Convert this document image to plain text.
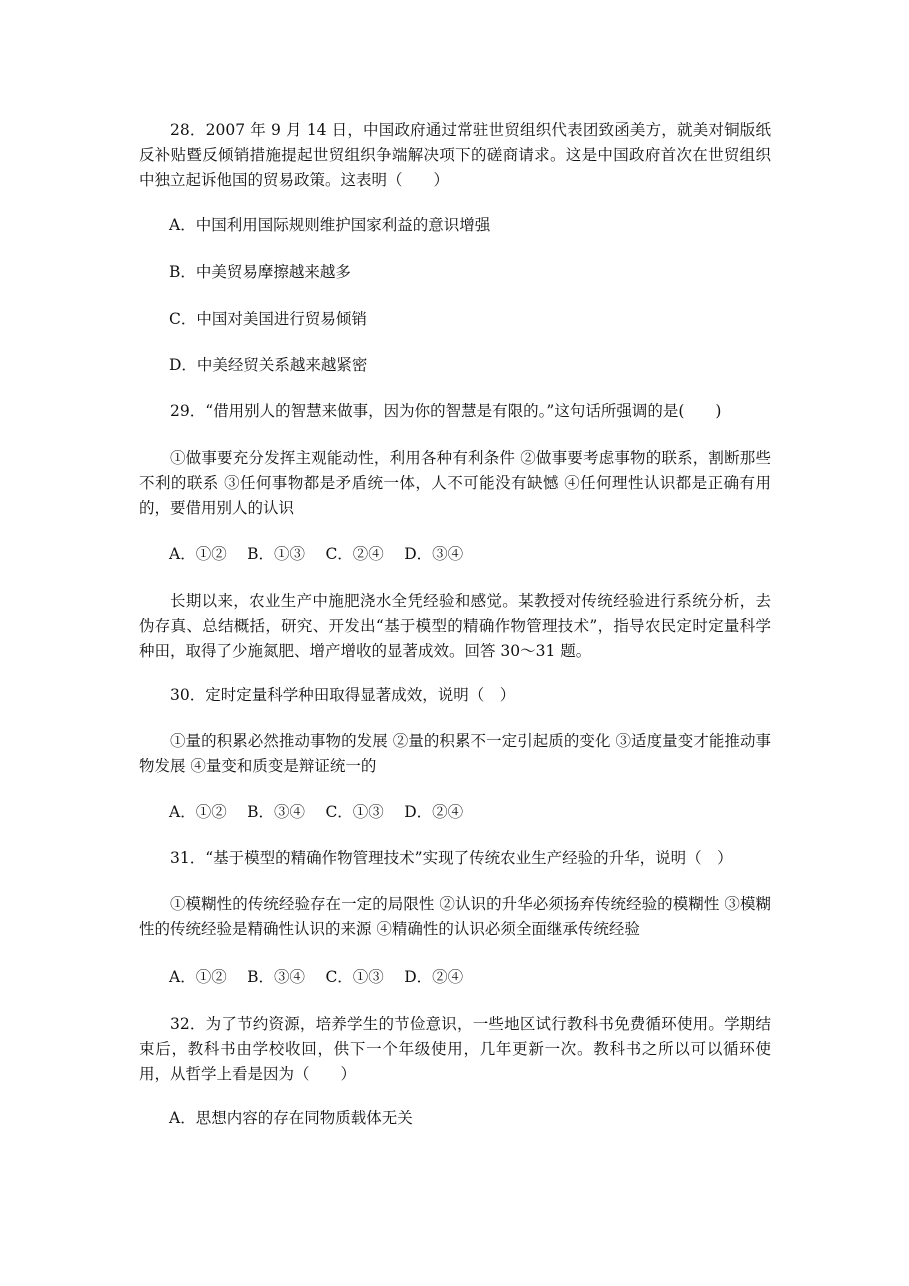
28．2007 年 9 月 14 日，中国政府通过常驻世贸组织代表团致函美方，就美对铜版纸反补贴暨反倾销措施提起世贸组织争端解决项下的磋商请求。这是中国政府首次在世贸组织中独立起诉他国的贸易政策。这表明（　　）

A．中国利用国际规则维护国家利益的意识增强

B．中美贸易摩擦越来越多

C．中国对美国进行贸易倾销

D．中美经贸关系越来越紧密

29．“借用别人的智慧来做事，因为你的智慧是有限的。”这句话所强调的是(　　)

①做事要充分发挥主观能动性，利用各种有利条件 ②做事要考虑事物的联系，割断那些不利的联系 ③任何事物都是矛盾统一体，人不可能没有缺憾 ④任何理性认识都是正确有用的，要借用别人的认识

A．①②　 B．①③　 C．②④　 D．③④

长期以来，农业生产中施肥浇水全凭经验和感觉。某教授对传统经验进行系统分析，去伪存真、总结概括，研究、开发出“基于模型的精确作物管理技术”，指导农民定时定量科学种田，取得了少施氮肥、增产增收的显著成效。回答 30～31 题。

30．定时定量科学种田取得显著成效，说明（　）

①量的积累必然推动事物的发展 ②量的积累不一定引起质的变化 ③适度量变才能推动事物发展 ④量变和质变是辩证统一的

A．①②　 B．③④　 C．①③　 D．②④

31．“基于模型的精确作物管理技术”实现了传统农业生产经验的升华，说明（　）

①模糊性的传统经验存在一定的局限性 ②认识的升华必须扬弃传统经验的模糊性 ③模糊性的传统经验是精确性认识的来源 ④精确性的认识必须全面继承传统经验

A．①②　 B．③④　 C．①③　 D．②④

32．为了节约资源，培养学生的节俭意识，一些地区试行教科书免费循环使用。学期结束后，教科书由学校收回，供下一个年级使用，几年更新一次。教科书之所以可以循环使用，从哲学上看是因为（　　）

A．思想内容的存在同物质载体无关
